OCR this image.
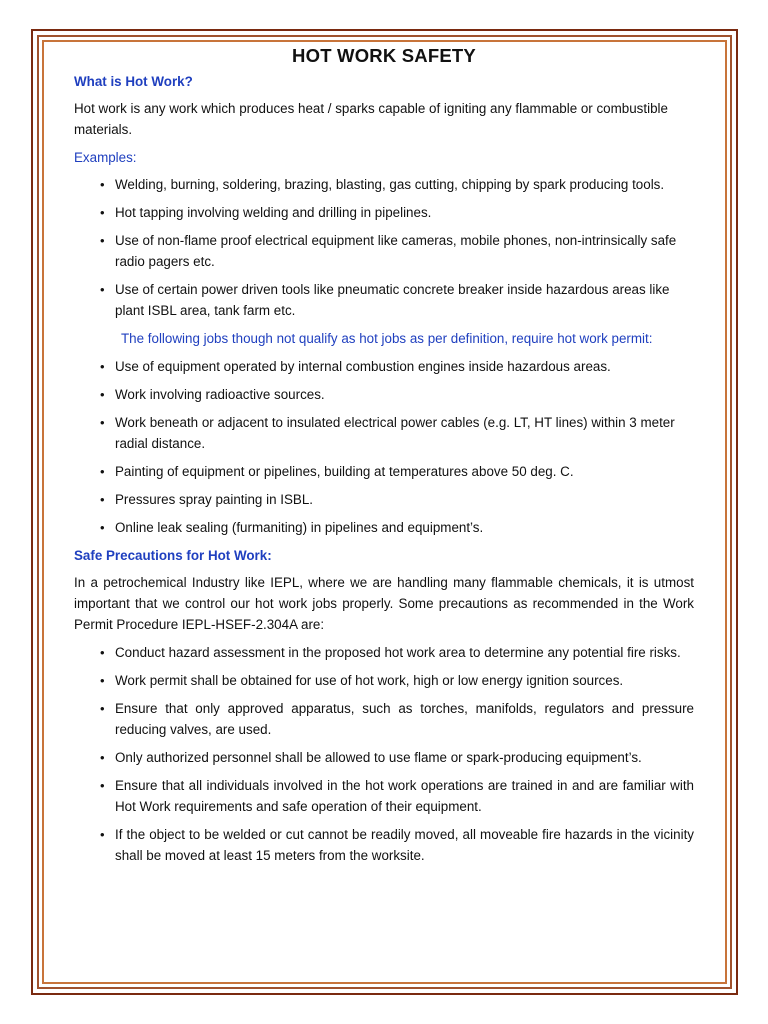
HOT WORK SAFETY
What is Hot Work?

Hot work is any work which produces heat / sparks capable of igniting any flammable or combustible materials.

Examples:
• Welding, burning, soldering, brazing, blasting, gas cutting, chipping by spark producing tools.
• Hot tapping involving welding and drilling in pipelines.
• Use of non-flame proof electrical equipment like cameras, mobile phones, non-intrinsically safe radio pagers etc.
• Use of certain power driven tools like pneumatic concrete breaker inside hazardous areas like plant ISBL area, tank farm etc.
The following jobs though not qualify as hot jobs as per definition, require hot work permit:
• Use of equipment operated by internal combustion engines inside hazardous areas.
• Work involving radioactive sources.
• Work beneath or adjacent to insulated electrical power cables (e.g. LT, HT lines) within 3 meter radial distance.
• Painting of equipment or pipelines, building at temperatures above 50 deg. C.
• Pressures spray painting in ISBL.
• Online leak sealing (furmaniting) in pipelines and equipment’s.
Safe Precautions for Hot Work:

In a petrochemical Industry like IEPL, where we are handling many flammable chemicals, it is utmost important that we control our hot work jobs properly. Some precautions as recommended in the Work Permit Procedure IEPL-HSEF-2.304A are:

• Conduct hazard assessment in the proposed hot work area to determine any potential fire risks.
• Work permit shall be obtained for use of hot work, high or low energy ignition sources.
• Ensure that only approved apparatus, such as torches, manifolds, regulators and pressure reducing valves, are used.
• Only authorized personnel shall be allowed to use flame or spark-producing equipment’s.
• Ensure that all individuals involved in the hot work operations are trained in and are familiar with Hot Work requirements and safe operation of their equipment.
• If the object to be welded or cut cannot be readily moved, all moveable fire hazards in the vicinity shall be moved at least 15 meters from the worksite.
